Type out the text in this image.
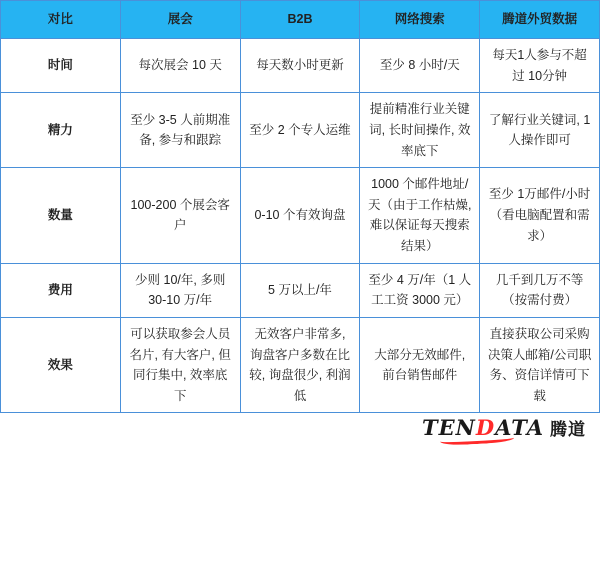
对比	展会	B2B	网络搜索	腾道外贸数据
时间	每次展会 10 天	每天数小时更新	至少 8 小时/天	每天1人参与不超过 10分钟
精力	至少 3-5 人前期准备, 参与和跟踪	至少 2 个专人运维	提前精准行业关键词, 长时间操作, 效率底下	了解行业关键词, 1人操作即可
数量	100-200 个展会客户	0-10 个有效询盘	1000 个邮件地址/天（由于工作枯燥,难以保证每天搜索结果）	至少 1万邮件/小时（看电脑配置和需求）
费用	少则 10/年, 多则 30-10 万/年	5 万以上/年	至少 4 万/年（1 人工工资 3000 元）	几千到几万不等（按需付费）
效果	可以获取参会人员名片, 有大客户, 但同行集中, 效率底下	无效客户非常多, 询盘客户多数在比较, 询盘很少, 利润低	大部分无效邮件, 前台销售邮件	直接获取公司采购决策人邮箱/公司职务、资信详情可下载
TENDATA 腾道
